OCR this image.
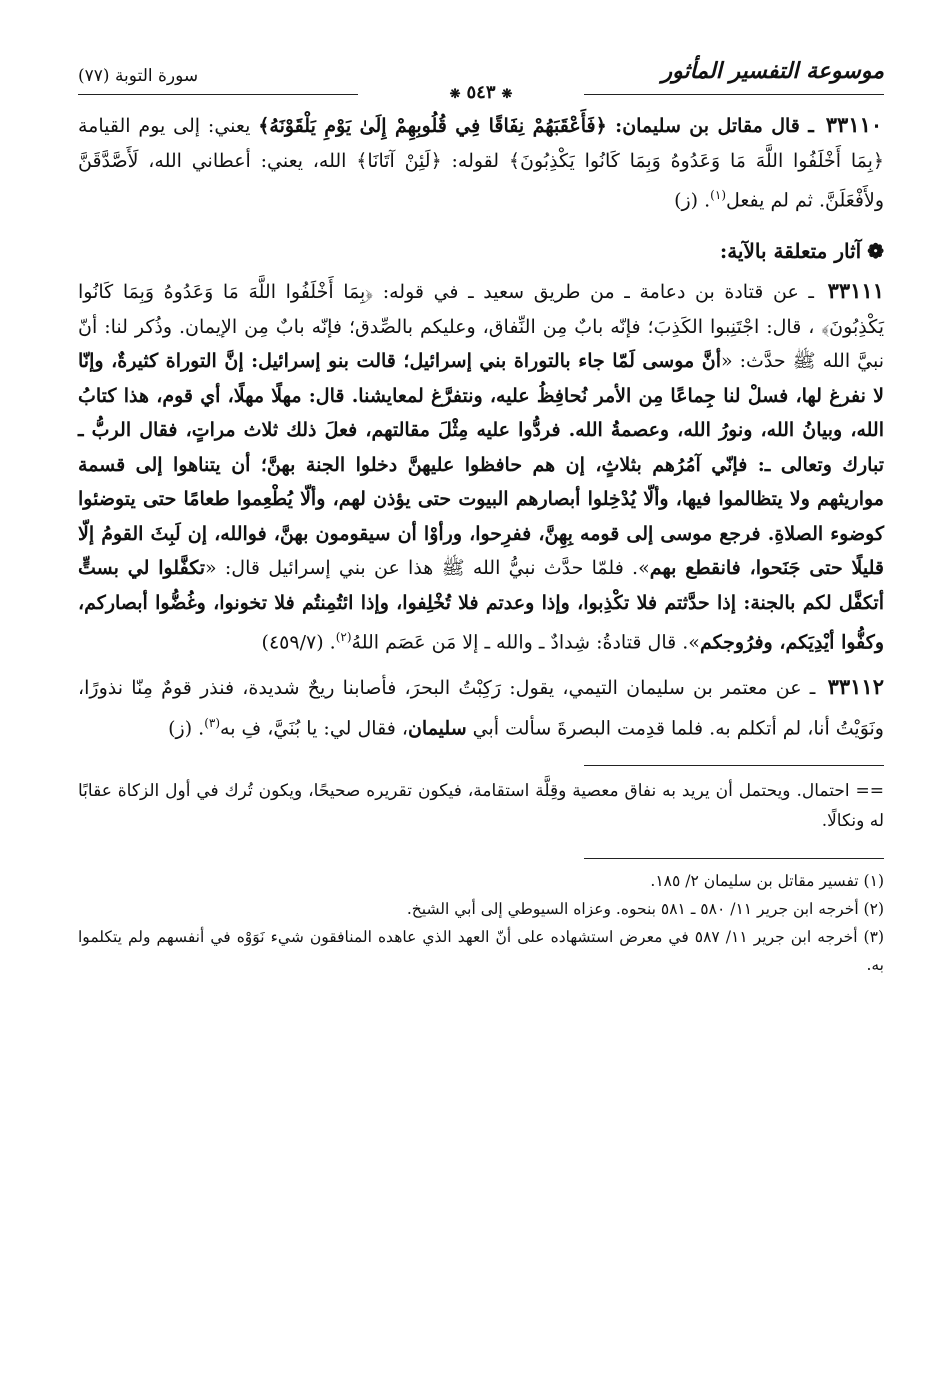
موسوعة التفسير المأثور
سورة التوبة (٧٧)
❋٥٤٣❋

٣٣١١٠ ـ قال مقاتل بن سليمان: ﴿فَأَعْقَبَهُمْ نِفَاقًا فِي قُلُوبِهِمْ إِلَىٰ يَوْمِ يَلْقَوْنَهُ﴾ يعني: إلى يوم القيامة ﴿بِمَا أَخْلَفُوا اللَّهَ مَا وَعَدُوهُ وَبِمَا كَانُوا يَكْذِبُونَ﴾ لقوله: ﴿لَئِنْ آتَانَا﴾ الله، يعني: أعطاني الله، لَأَصَّدَّقَنَّ ولأَفْعَلَنَّ. ثم لم يفعل$^{(١)}$. (ز)

❁آثار متعلقة بالآية:

٣٣١١١ ـ عن قتادة بن دعامة ـ من طريق سعيد ـ في قوله: ﴿بِمَا أَخْلَفُوا اللَّهَ مَا وَعَدُوهُ وَبِمَا كَانُوا يَكْذِبُونَ﴾ ، قال: اجْتَنِبوا الكَذِبَ؛ فإنّه بابٌ مِن النِّفاق، وعليكم بالصِّدق؛ فإنّه بابٌ مِن الإيمان. وذُكر لنا: أنّ نبيَّ الله ﷺ حدَّث: «أنَّ موسى لَمّا جاء بالتوراة بني إسرائيل؛ قالت بنو إسرائيل: إنَّ التوراة كثيرةٌ، وإنّا لا نفرغ لها، فسلْ لنا جِماعًا مِن الأمر نُحافِظُ عليه، ونتفرَّغ لمعايشنا. قال: مهلًا مهلًا، أي قوم، هذا كتابُ الله، وبيانُ الله، ونورُ الله، وعصمةُ الله. فردُّوا عليه مِثْلَ مقالتهم، فعلَ ذلك ثلاث مراتٍ، فقال الربُّ ـ تبارك وتعالى ـ: فإنّي آمُرُهم بثلاثٍ، إن هم حافظوا عليهنَّ دخلوا الجنة بهنَّ؛ أن يتناهوا إلى قسمة مواريثهم ولا يتظالموا فيها، وألّا يُدْخِلوا أبصارهم البيوت حتى يؤذن لهم، وألّا يُطْعِموا طعامًا حتى يتوضئوا كوضوء الصلاةِ. فرجع موسى إلى قومه بِهِنَّ، ففرِحوا، ورأوْا أن سيقومون بهنَّ، فوالله، إن لَبِثَ القومُ إلّا قليلًا حتى جَنَحوا، فانقطع بهم». فلمّا حدَّث نبيُّ الله ﷺ هذا عن بني إسرائيل قال: «تكفَّلوا لي بستٍّ أتكفَّل لكم بالجنة: إذا حدَّثتم فلا تكْذِبوا، وإذا وعدتم فلا تُخْلِفوا، وإذا ائتُمِنتُم فلا تخونوا، وغُضُّوا أبصاركم، وكفُّوا أيْدِيَكم، وفرُوجكم». قال قتادةُ: شِدادٌ ـ والله ـ إلا مَن عَصَم اللهُ$^{(٢)}$. (٤٥٩/٧)

٣٣١١٢ ـ عن معتمر بن سليمان التيمي، يقول: رَكِبْتُ البحرَ، فأصابنا ريحٌ شديدة، فنذر قومٌ مِنّا نذورًا، ونَوَيْتُ أنا، لم أتكلم به. فلما قدِمت البصرةَ سألت أبي سليمان، فقال لي: يا بُنَيَّ، فِ به$^{(٣)}$. (ز)

== احتمال. ويحتمل أن يريد به نفاق معصية وقِلَّة استقامة، فيكون تقريره صحيحًا، ويكون تُرك في أول الزكاة عقابًا له ونكالًا.

(١) تفسير مقاتل بن سليمان ٢/ ١٨٥.

(٢) أخرجه ابن جرير ١١/ ٥٨٠ ـ ٥٨١ بنحوه. وعزاه السيوطي إلى أبي الشيخ.

(٣) أخرجه ابن جرير ١١/ ٥٨٧ في معرض استشهاده على أنّ العهد الذي عاهده المنافقون شيء نَوَوْه في أنفسهم ولم يتكلموا به.
